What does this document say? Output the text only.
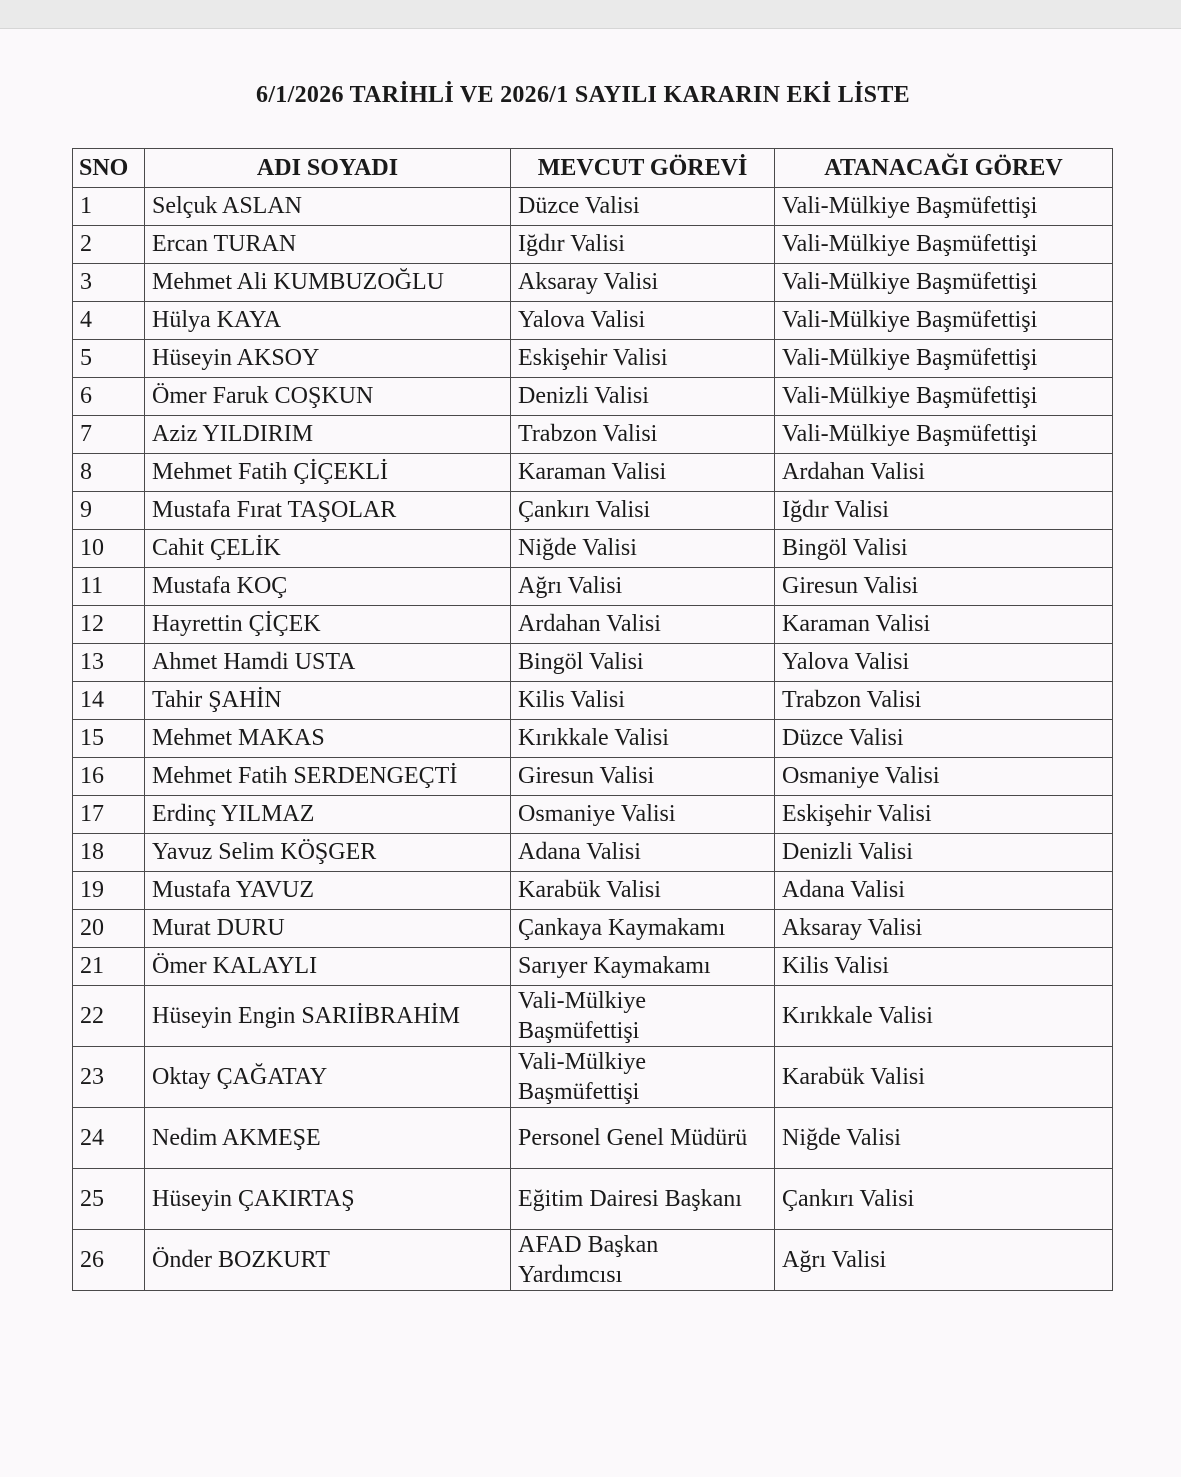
6/1/2026 TARİHLİ VE 2026/1 SAYILI KARARIN EKİ LİSTE
SNO	ADI SOYADI	MEVCUT GÖREVİ	ATANACAĞI GÖREV
1	Selçuk ASLAN	Düzce Valisi	Vali-Mülkiye Başmüfettişi
2	Ercan TURAN	Iğdır Valisi	Vali-Mülkiye Başmüfettişi
3	Mehmet Ali KUMBUZOĞLU	Aksaray Valisi	Vali-Mülkiye Başmüfettişi
4	Hülya KAYA	Yalova Valisi	Vali-Mülkiye Başmüfettişi
5	Hüseyin AKSOY	Eskişehir Valisi	Vali-Mülkiye Başmüfettişi
6	Ömer Faruk COŞKUN	Denizli Valisi	Vali-Mülkiye Başmüfettişi
7	Aziz YILDIRIM	Trabzon Valisi	Vali-Mülkiye Başmüfettişi
8	Mehmet Fatih ÇİÇEKLİ	Karaman Valisi	Ardahan Valisi
9	Mustafa Fırat TAŞOLAR	Çankırı Valisi	Iğdır Valisi
10	Cahit ÇELİK	Niğde Valisi	Bingöl Valisi
11	Mustafa KOÇ	Ağrı Valisi	Giresun Valisi
12	Hayrettin ÇİÇEK	Ardahan Valisi	Karaman Valisi
13	Ahmet Hamdi USTA	Bingöl Valisi	Yalova Valisi
14	Tahir ŞAHİN	Kilis Valisi	Trabzon Valisi
15	Mehmet MAKAS	Kırıkkale Valisi	Düzce Valisi
16	Mehmet Fatih SERDENGEÇTİ	Giresun Valisi	Osmaniye Valisi
17	Erdinç YILMAZ	Osmaniye Valisi	Eskişehir Valisi
18	Yavuz Selim KÖŞGER	Adana Valisi	Denizli Valisi
19	Mustafa YAVUZ	Karabük Valisi	Adana Valisi
20	Murat DURU	Çankaya Kaymakamı	Aksaray Valisi
21	Ömer KALAYLI	Sarıyer Kaymakamı	Kilis Valisi
22	Hüseyin Engin SARIİBRAHİM	Vali-Mülkiye Başmüfettişi	Kırıkkale Valisi
23	Oktay ÇAĞATAY	Vali-Mülkiye Başmüfettişi	Karabük Valisi
24	Nedim AKMEŞE	Personel Genel Müdürü	Niğde Valisi
25	Hüseyin ÇAKIRTAŞ	Eğitim Dairesi Başkanı	Çankırı Valisi
26	Önder BOZKURT	AFAD Başkan Yardımcısı	Ağrı Valisi
